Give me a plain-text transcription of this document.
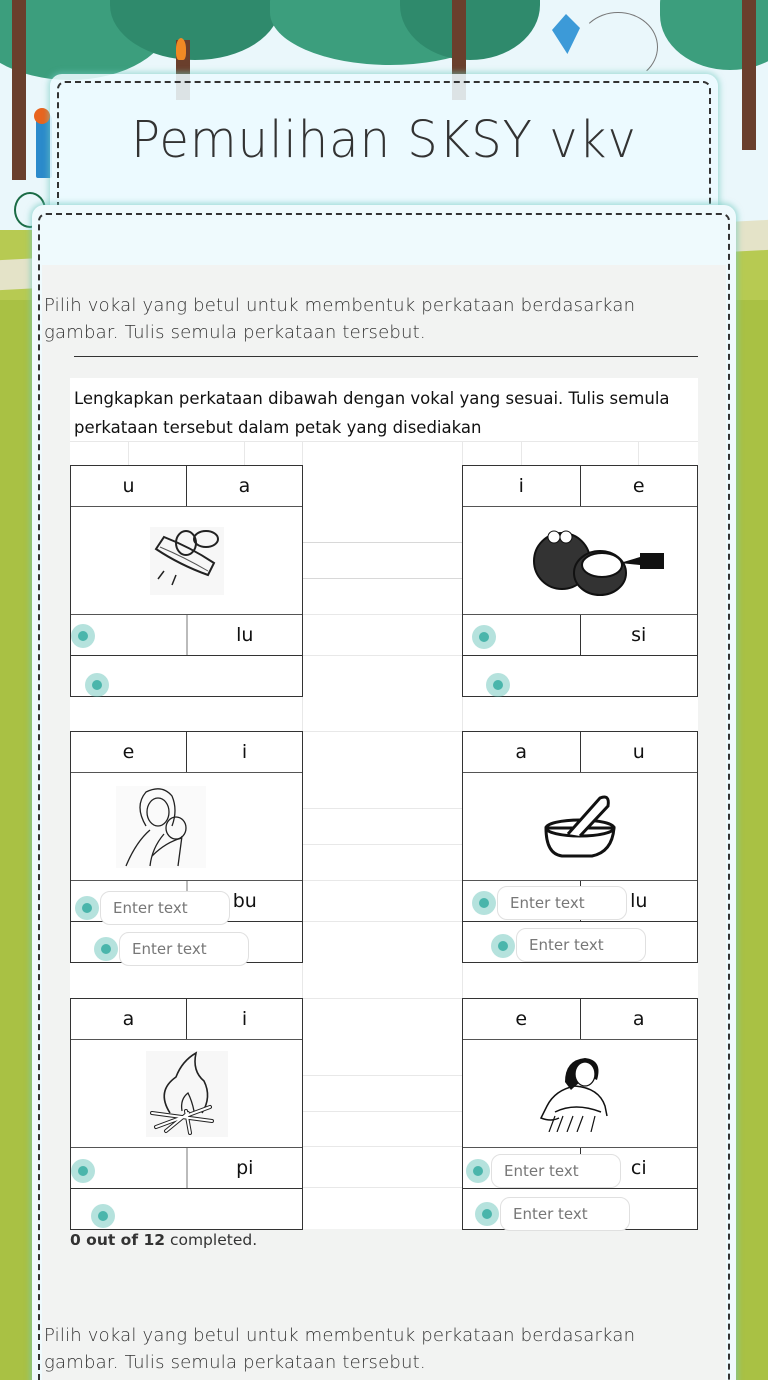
Pemulihan SKSY vkv
Pilih vokal yang betul untuk membentuk perkataan berdasarkan gambar. Tulis semula perkataan tersebut.
Lengkapkan perkataan dibawah dengan vokal yang sesuai. Tulis semula perkataan tersebut dalam petak yang disediakan
u	a
lu
i	e
si
e	i
bu
Enter text
Enter text
a	u
lu
Enter text
Enter text
a	i
pi
e	a
ci
Enter text
Enter text
0 out of 12 completed.
Pilih vokal yang betul untuk membentuk perkataan berdasarkan gambar. Tulis semula perkataan tersebut.
